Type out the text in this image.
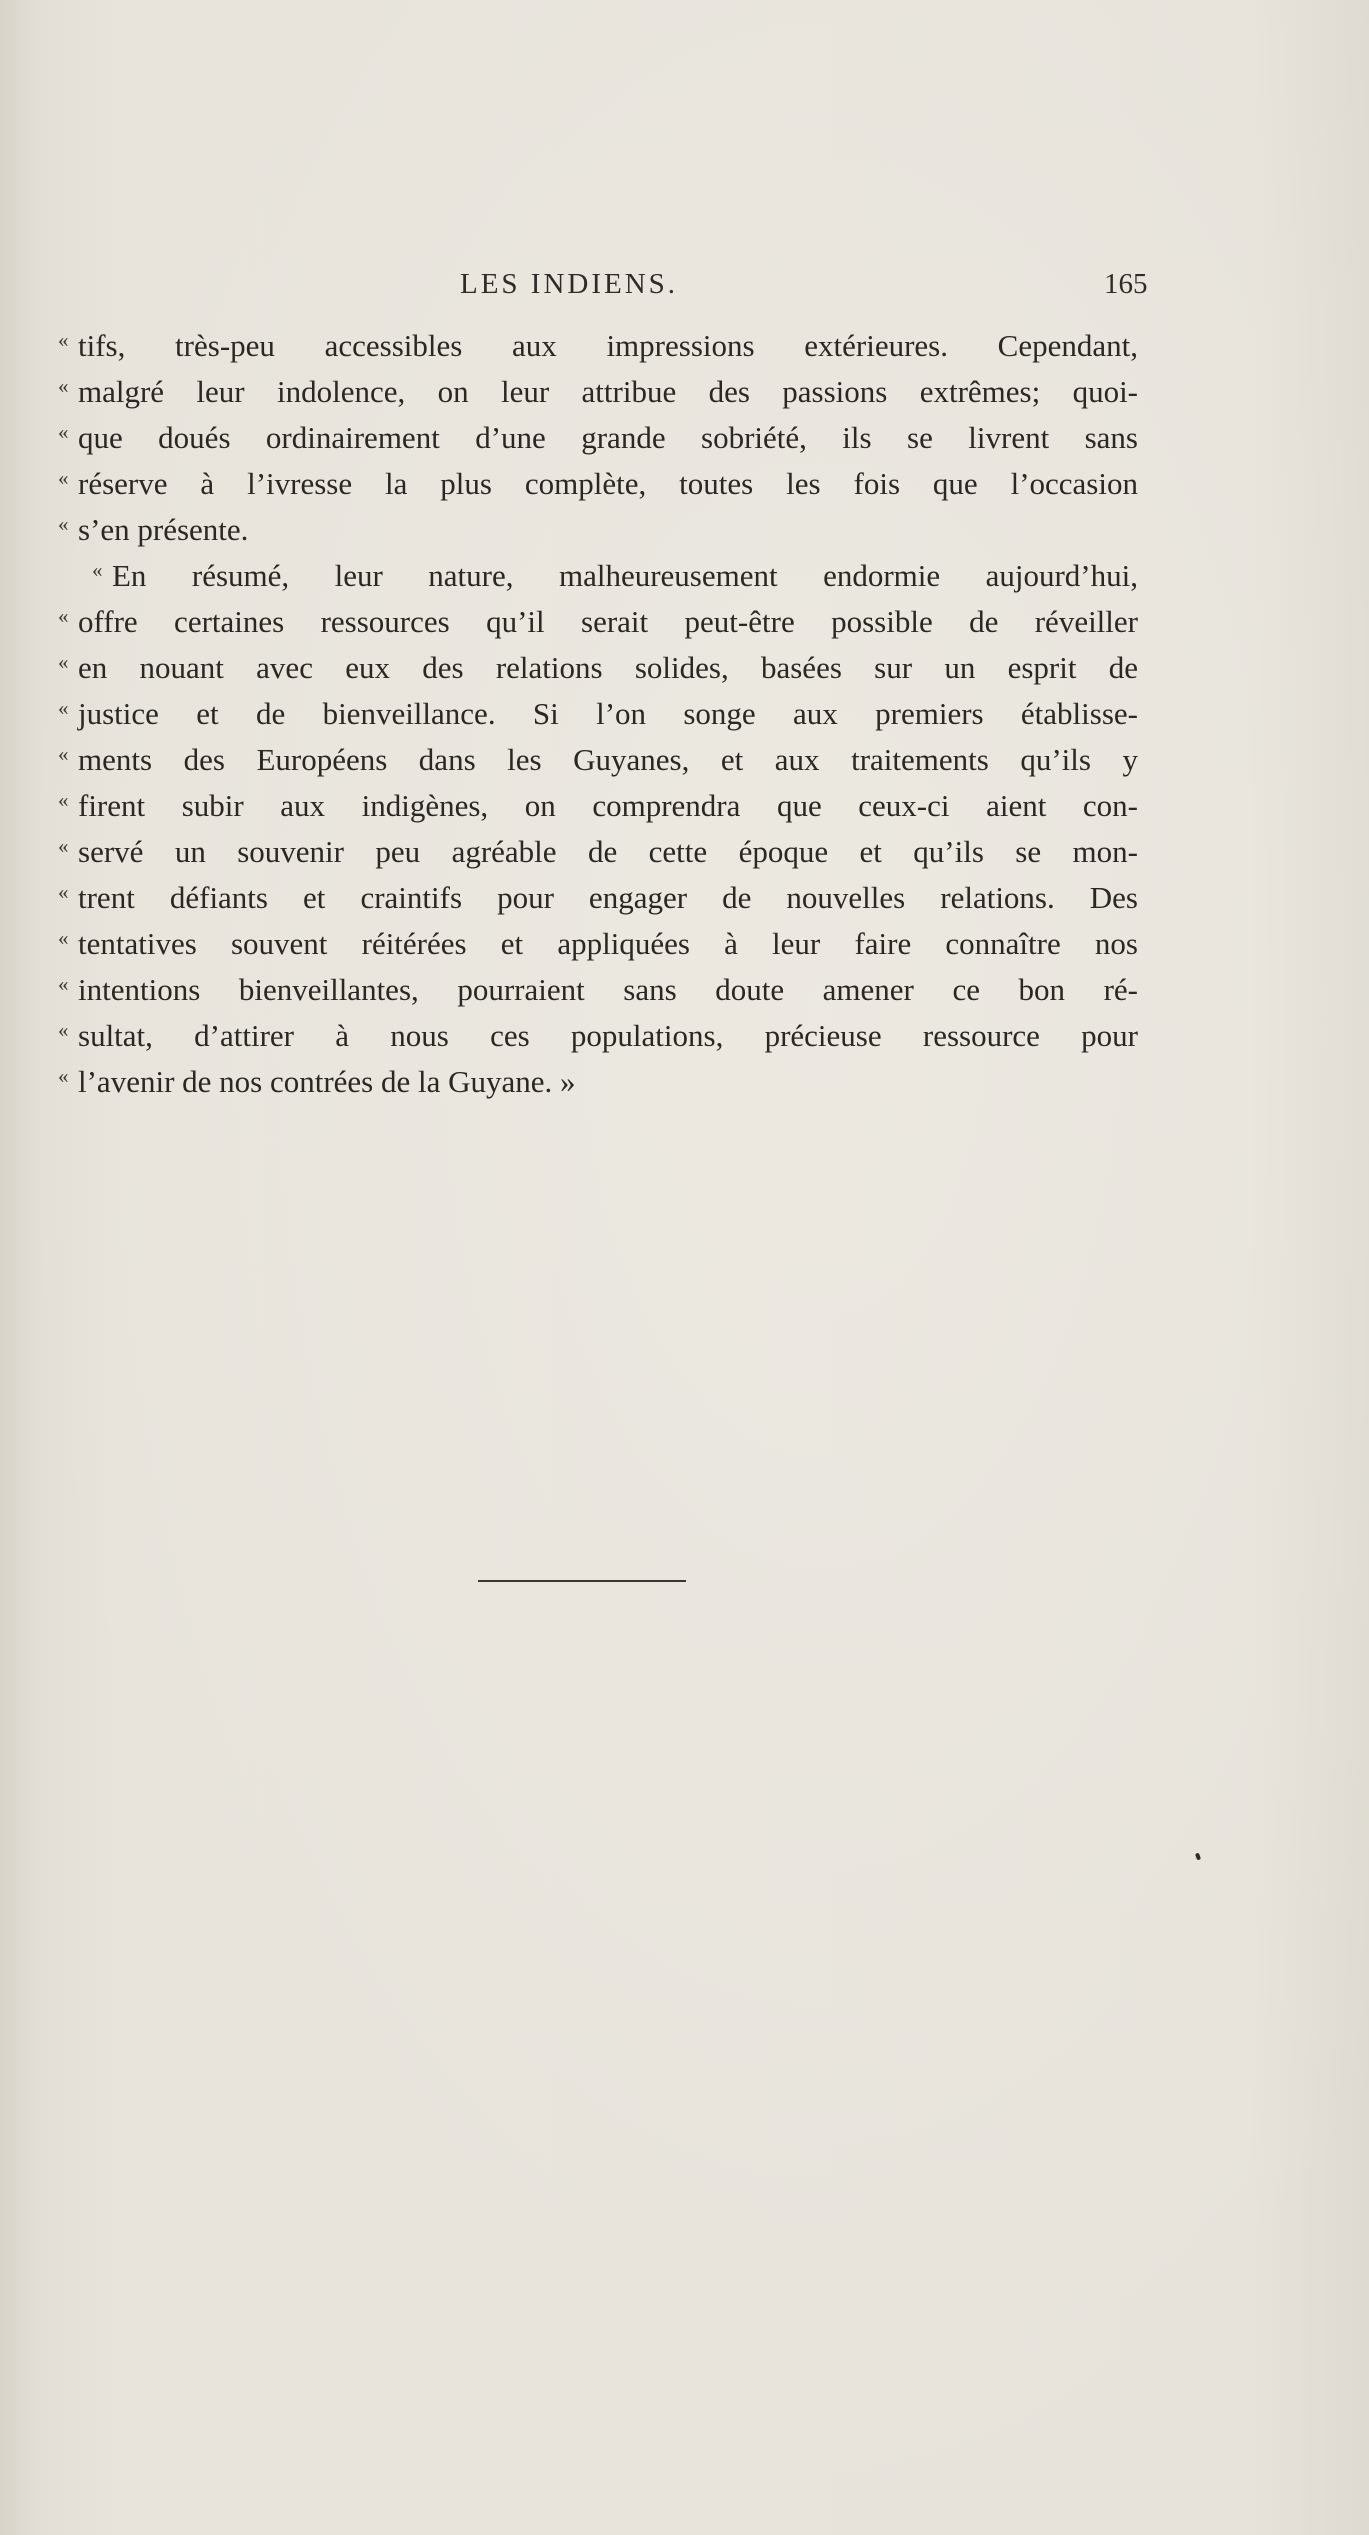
LES INDIENS.	165
« tifs, très-peu accessibles aux impressions extérieures. Cependant,
« malgré leur indolence, on leur attribue des passions extrêmes; quoi-
« que doués ordinairement d’une grande sobriété, ils se livrent sans
« réserve à l’ivresse la plus complète, toutes les fois que l’occasion
« s’en présente.
« En résumé, leur nature, malheureusement endormie aujourd’hui,
« offre certaines ressources qu’il serait peut-être possible de réveiller
« en nouant avec eux des relations solides, basées sur un esprit de
« justice et de bienveillance. Si l’on songe aux premiers établisse-
« ments des Européens dans les Guyanes, et aux traitements qu’ils y
« firent subir aux indigènes, on comprendra que ceux-ci aient con-
« servé un souvenir peu agréable de cette époque et qu’ils se mon-
« trent défiants et craintifs pour engager de nouvelles relations. Des
« tentatives souvent réitérées et appliquées à leur faire connaître nos
« intentions bienveillantes, pourraient sans doute amener ce bon ré-
« sultat, d’attirer à nous ces populations, précieuse ressource pour
« l’avenir de nos contrées de la Guyane. »
